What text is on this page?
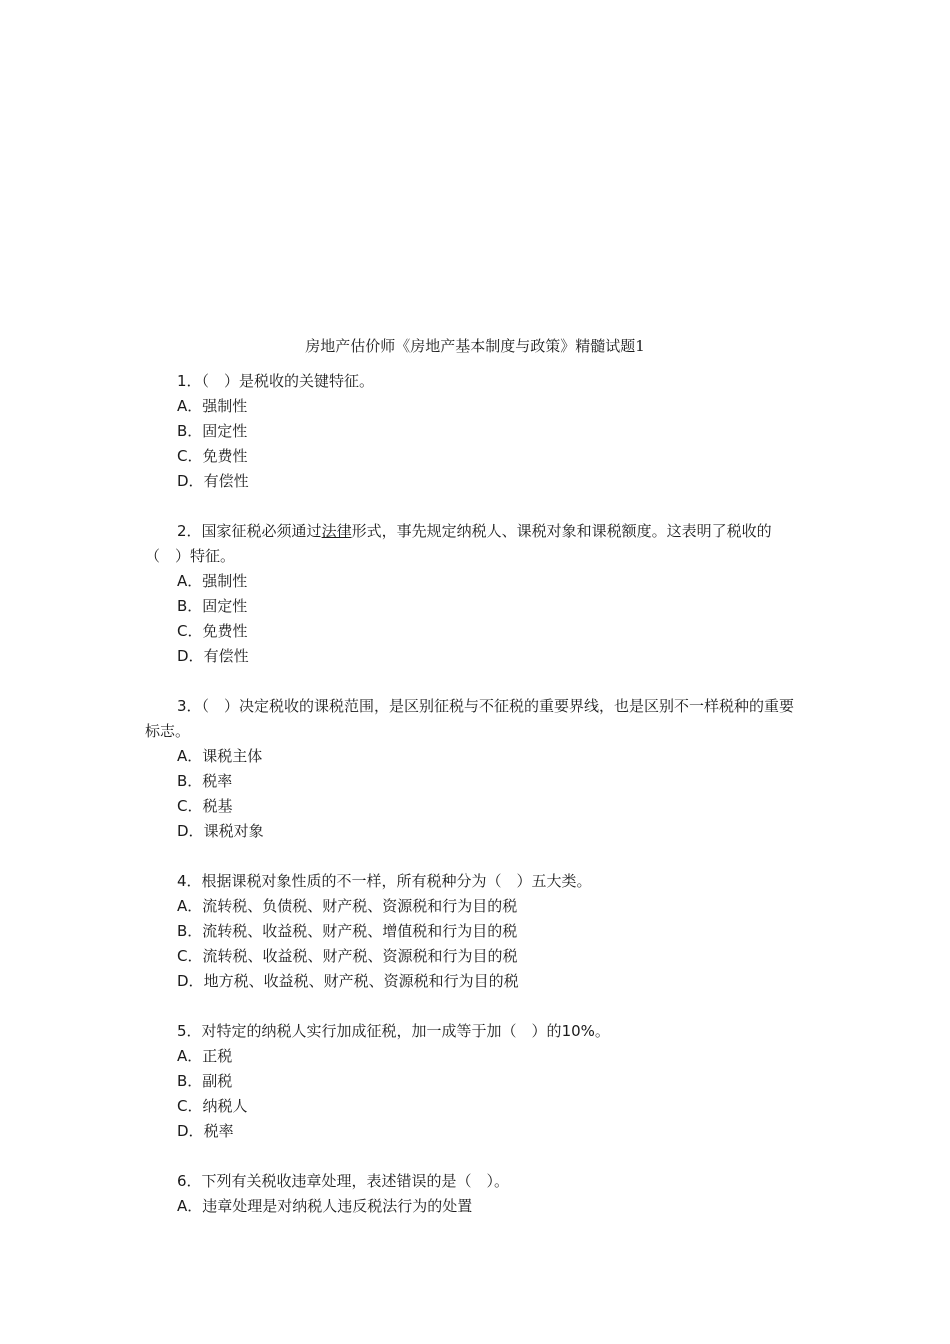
房地产估价师《房地产基本制度与政策》精髓试题1

1．（　）是税收的关键特征。

A．强制性

B．固定性

C．免费性

D．有偿性

2．国家征税必须通过法律形式，事先规定纳税人、课税对象和课税额度。这表明了税收的（　）特征。

A．强制性

B．固定性

C．免费性

D．有偿性

3．（　）决定税收的课税范围，是区别征税与不征税的重要界线，也是区别不一样税种的重要标志。

A．课税主体

B．税率

C．税基

D．课税对象

4．根据课税对象性质的不一样，所有税种分为（　）五大类。

A．流转税、负债税、财产税、资源税和行为目的税

B．流转税、收益税、财产税、增值税和行为目的税

C．流转税、收益税、财产税、资源税和行为目的税

D．地方税、收益税、财产税、资源税和行为目的税

5．对特定的纳税人实行加成征税，加一成等于加（　）的10%。

A．正税

B．副税

C．纳税人

D．税率

6．下列有关税收违章处理，表述错误的是（　）。

A．违章处理是对纳税人违反税法行为的处置
